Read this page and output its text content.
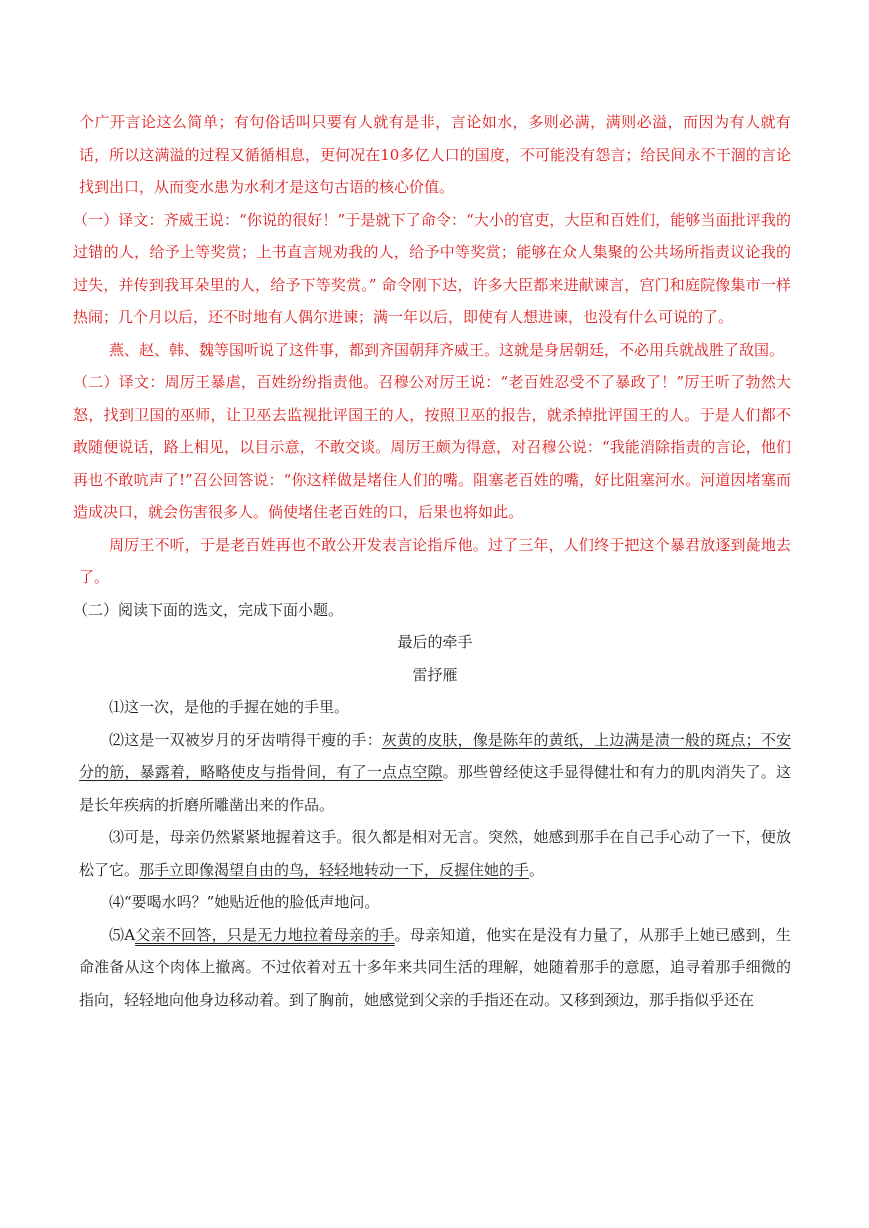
个广开言论这么简单；有句俗话叫只要有人就有是非，言论如水，多则必满，满则必溢，而因为有人就有话，所以这满溢的过程又循循相息，更何况在10多亿人口的国度，不可能没有怨言；给民间永不干涸的言论找到出口，从而变水患为水利才是这句古语的核心价值。

（一）译文：齐威王说：“你说的很好！”于是就下了命令：“大小的官吏，大臣和百姓们，能够当面批评我的过错的人，给予上等奖赏；上书直言规劝我的人，给予中等奖赏；能够在众人集聚的公共场所指责议论我的过失，并传到我耳朵里的人，给予下等奖赏。” 命令刚下达，许多大臣都来进献谏言，宫门和庭院像集市一样热闹；几个月以后，还不时地有人偶尔进谏；满一年以后，即使有人想进谏，也没有什么可说的了。

燕、赵、韩、魏等国听说了这件事，都到齐国朝拜齐威王。这就是身居朝廷，不必用兵就战胜了敌国。

（二）译文：周厉王暴虐，百姓纷纷指责他。召穆公对厉王说：“老百姓忍受不了暴政了！”厉王听了勃然大怒，找到卫国的巫师，让卫巫去监视批评国王的人，按照卫巫的报告，就杀掉批评国王的人。于是人们都不敢随便说话，路上相见，以目示意，不敢交谈。周厉王颇为得意，对召穆公说：“我能消除指责的言论，他们再也不敢吭声了!”召公回答说：“你这样做是堵住人们的嘴。阻塞老百姓的嘴，好比阻塞河水。河道因堵塞而造成决口，就会伤害很多人。倘使堵住老百姓的口，后果也将如此。

周厉王不听，于是老百姓再也不敢公开发表言论指斥他。过了三年，人们终于把这个暴君放逐到彘地去了。

（二）阅读下面的选文，完成下面小题。

最后的牵手

雷抒雁

⑴这一次，是他的手握在她的手里。

⑵这是一双被岁月的牙齿啃得干瘦的手：灰黄的皮肤，像是陈年的黄纸，上边满是渍一般的斑点；不安分的筋，暴露着，略略使皮与指骨间，有了一点点空隙。那些曾经使这手显得健壮和有力的肌肉消失了。这是长年疾病的折磨所雕凿出来的作品。

⑶可是，母亲仍然紧紧地握着这手。很久都是相对无言。突然，她感到那手在自己手心动了一下，便放松了它。那手立即像渴望自由的鸟，轻轻地转动一下，反握住她的手。

⑷“要喝水吗？”她贴近他的脸低声地问。

⑸A父亲不回答，只是无力地拉着母亲的手。母亲知道，他实在是没有力量了，从那手上她已感到，生命准备从这个肉体上撤离。不过依着对五十多年来共同生活的理解，她随着那手的意愿，追寻着那手细微的指向，轻轻地向他身边移动着。到了胸前，她感觉到父亲的手指还在动。又移到颈边，那手指似乎还在
